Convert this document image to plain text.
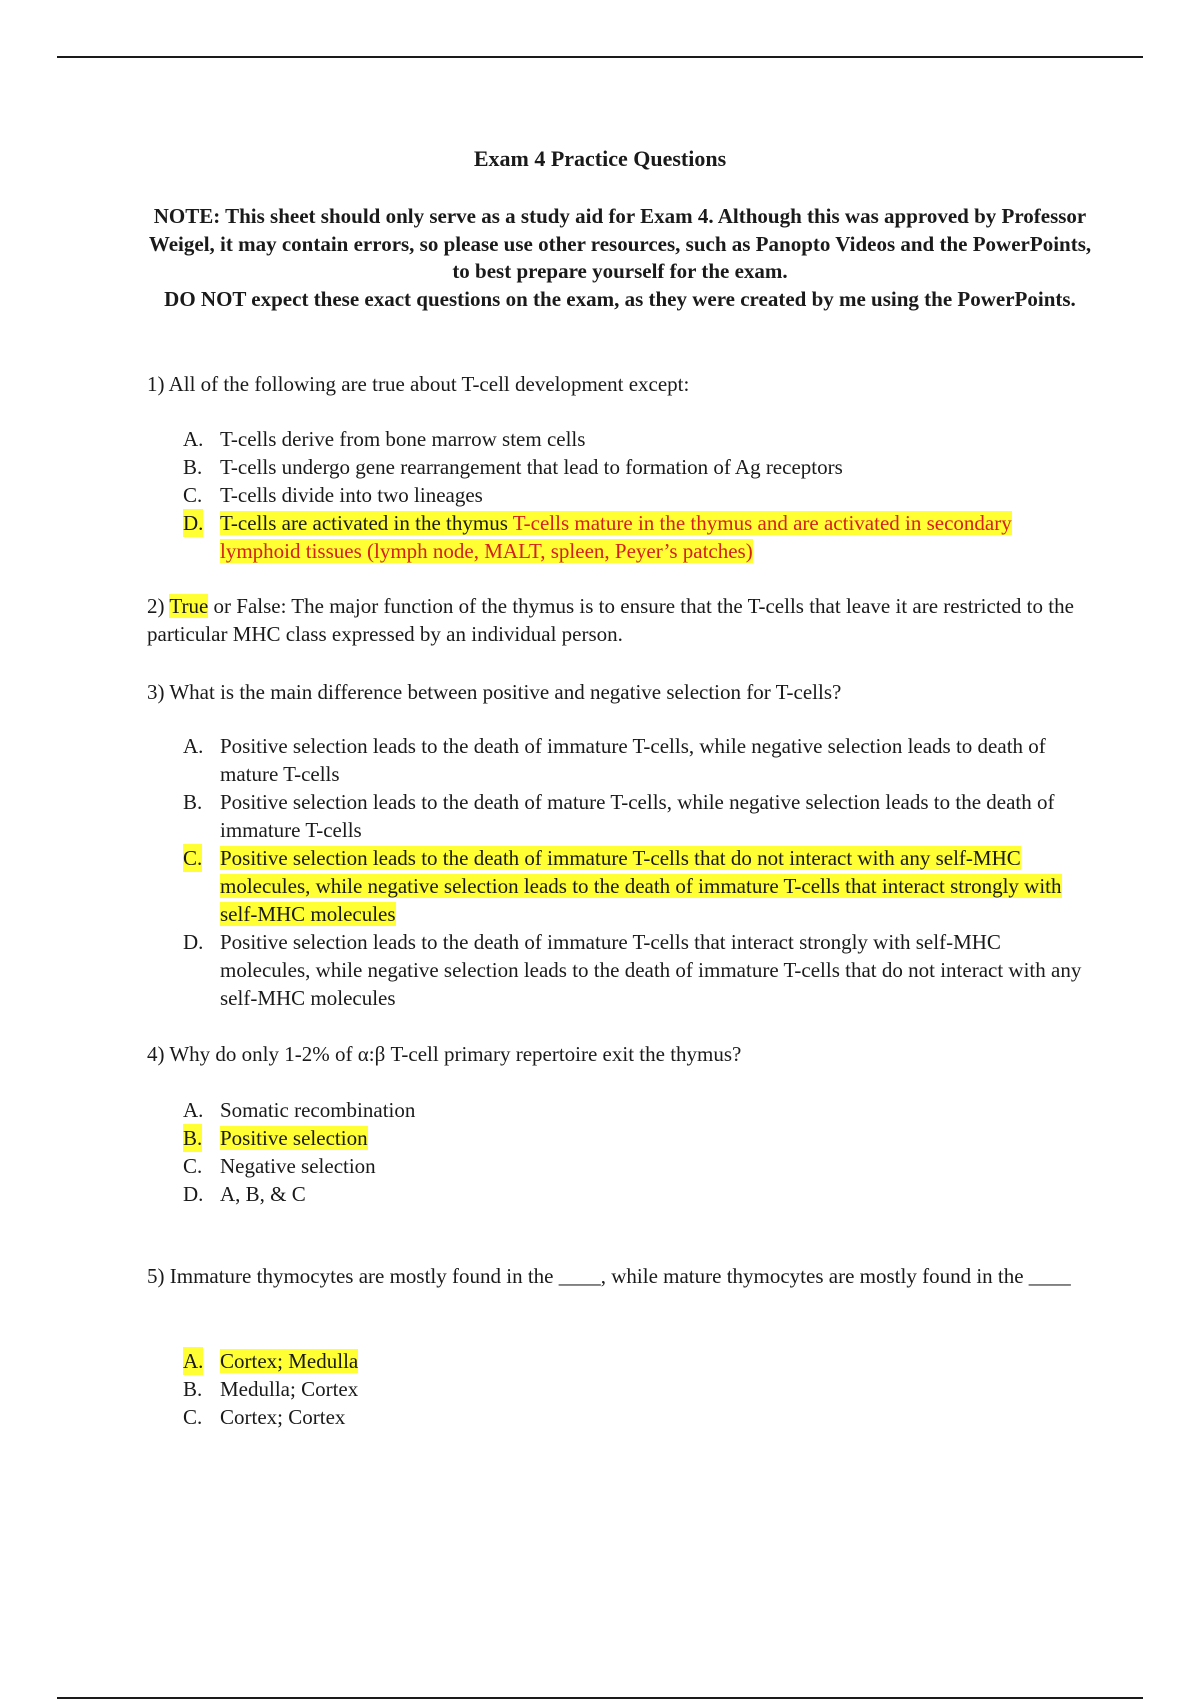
Exam 4 Practice Questions

NOTE: This sheet should only serve as a study aid for Exam 4. Although this was approved by Professor Weigel, it may contain errors, so please use other resources, such as Panopto Videos and the PowerPoints, to best prepare yourself for the exam.

DO NOT expect these exact questions on the exam, as they were created by me using the PowerPoints.

1) All of the following are true about T-cell development except:
A. T-cells derive from bone marrow stem cells
B. T-cells undergo gene rearrangement that lead to formation of Ag receptors
C. T-cells divide into two lineages
D. T-cells are activated in the thymus T-cells mature in the thymus and are activated in secondary lymphoid tissues (lymph node, MALT, spleen, Peyer’s patches)
2) True or False: The major function of the thymus is to ensure that the T-cells that leave it are restricted to the particular MHC class expressed by an individual person.
3) What is the main difference between positive and negative selection for T-cells?
A. Positive selection leads to the death of immature T-cells, while negative selection leads to death of mature T-cells
B. Positive selection leads to the death of mature T-cells, while negative selection leads to the death of immature T-cells
C. Positive selection leads to the death of immature T-cells that do not interact with any self-MHC molecules, while negative selection leads to the death of immature T-cells that interact strongly with self-MHC molecules
D. Positive selection leads to the death of immature T-cells that interact strongly with self-MHC molecules, while negative selection leads to the death of immature T-cells that do not interact with any self-MHC molecules
4) Why do only 1-2% of α:β T-cell primary repertoire exit the thymus?
A. Somatic recombination
B. Positive selection
C. Negative selection
D. A, B, & C
5) Immature thymocytes are mostly found in the ____, while mature thymocytes are mostly found in the ____
A. Cortex; Medulla
B. Medulla; Cortex
C. Cortex; Cortex
